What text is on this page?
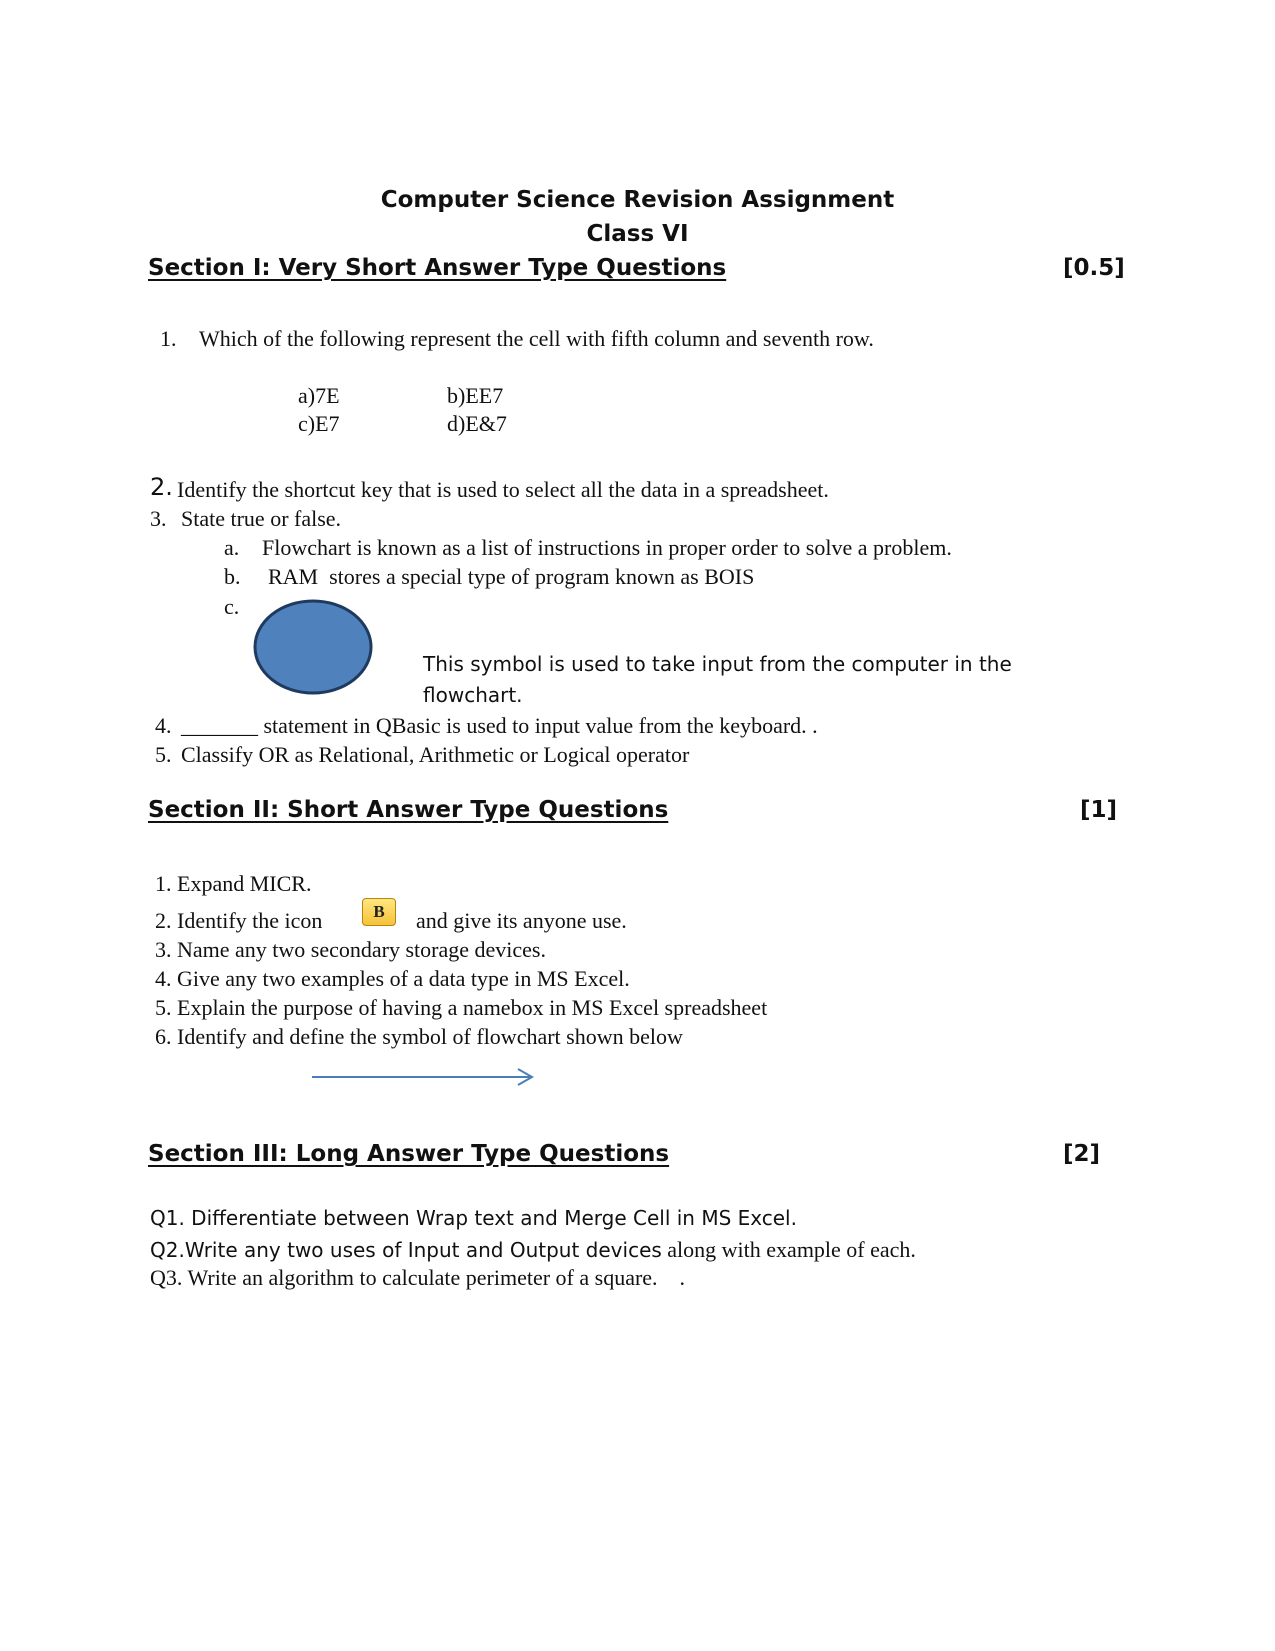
Computer Science Revision Assignment
Class VI
Section I: Very Short Answer Type Questions	[0.5]
1. Which of the following represent the cell with fifth column and seventh row.
a)7E	b)EE7
c)E7	d)E&7
2. Identify the shortcut key that is used to select all the data in a spreadsheet.
3. State true or false.
a. Flowchart is known as a list of instructions in proper order to solve a problem.
b. RAM  stores a special type of program known as BOIS
c.
This symbol is used to take input from the computer in the
flowchart.
4. _______ statement in QBasic is used to input value from the keyboard. .
5. Classify OR as Relational, Arithmetic or Logical operator
Section II: Short Answer Type Questions	[1]
1. Expand MICR.
2. Identify the icon	B and give its anyone use.
3. Name any two secondary storage devices.
4. Give any two examples of a data type in MS Excel.
5. Explain the purpose of having a namebox in MS Excel spreadsheet
6. Identify and define the symbol of flowchart shown below
Section III: Long Answer Type Questions	[2]
Q1. Differentiate between Wrap text and Merge Cell in MS Excel.
Q2.Write any two uses of Input and Output devices along with example of each.
Q3. Write an algorithm to calculate perimeter of a square.    .
